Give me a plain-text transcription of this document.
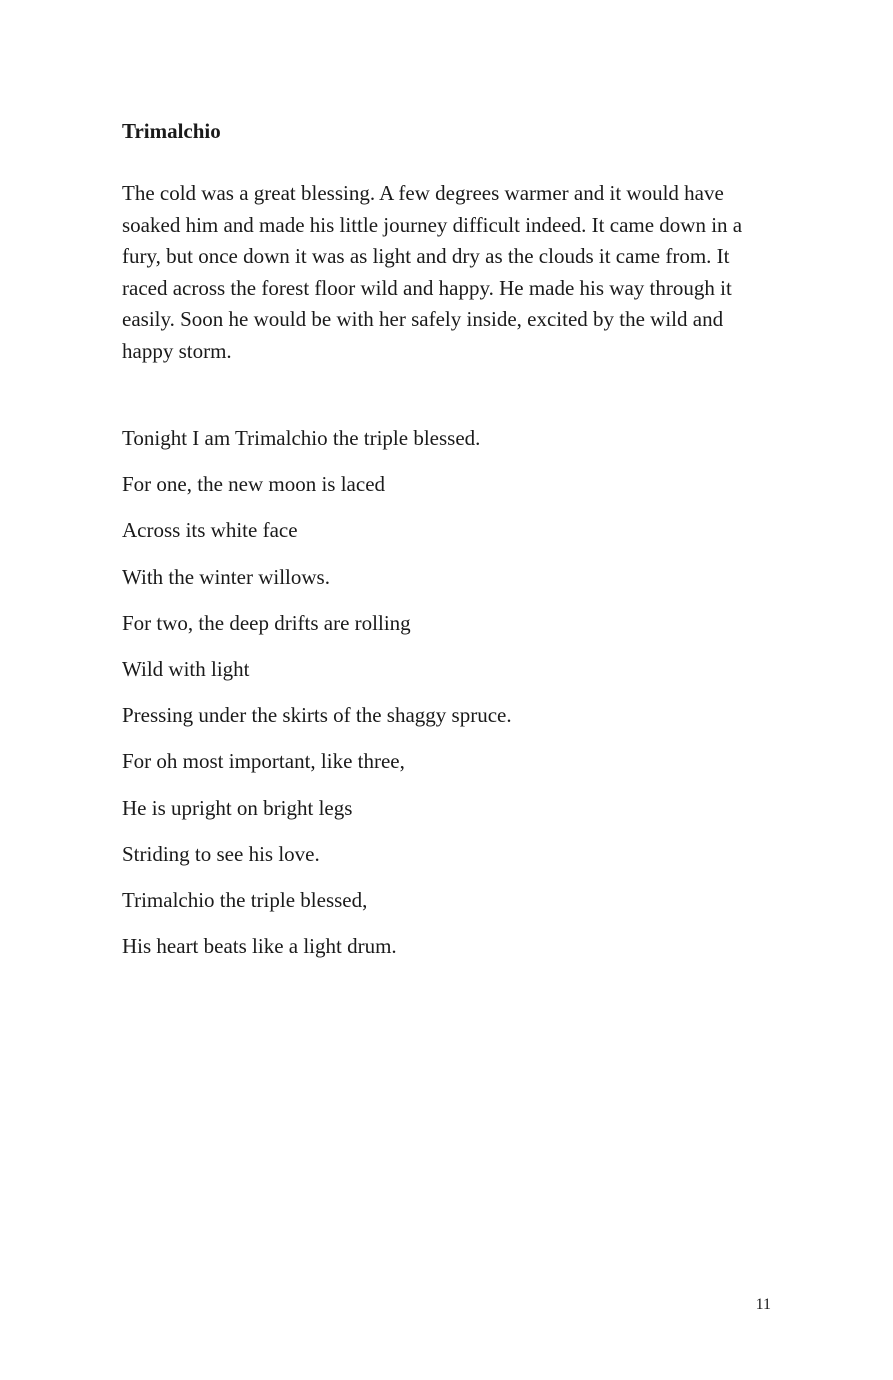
Trimalchio

The cold was a great blessing. A few degrees warmer and it would have soaked him and made his little journey difficult indeed. It came down in a fury, but once down it was as light and dry as the clouds it came from. It raced across the forest floor wild and happy. He made his way through it easily. Soon he would be with her safely inside, excited by the wild and happy storm.

Tonight I am Trimalchio the triple blessed.
For one, the new moon is laced
Across its white face
With the winter willows.
For two, the deep drifts are rolling
Wild with light
Pressing under the skirts of the shaggy spruce.
For oh most important, like three,
He is upright on bright legs
Striding to see his love.
Trimalchio the triple blessed,
His heart beats like a light drum.
11
